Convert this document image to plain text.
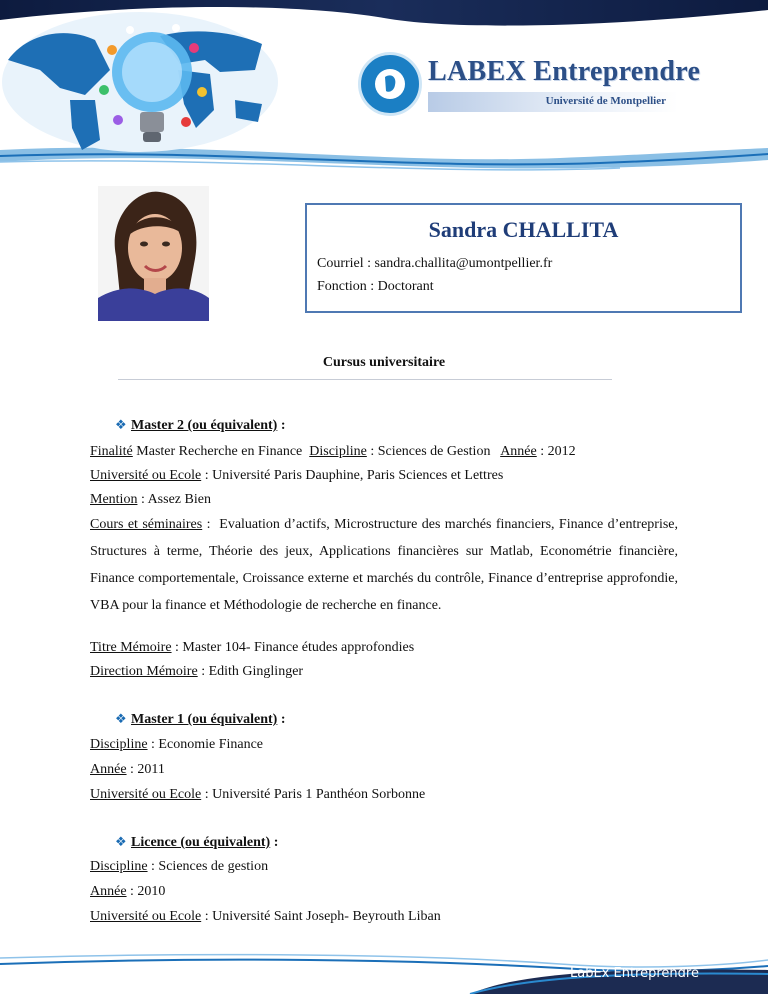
LABEX Entreprendre
Université de Montpellier
Sandra CHALLITA
Courriel : sandra.challita@umontpellier.fr
Fonction : Doctorant
Cursus universitaire
❖ Master 2 (ou équivalent) :
Finalité Master Recherche en Finance  Discipline : Sciences de Gestion   Année : 2012
Université ou Ecole : Université Paris Dauphine, Paris Sciences et Lettres
Mention : Assez Bien
Cours et séminaires :  Evaluation d’actifs, Microstructure des marchés financiers, Finance d’entreprise, Structures à terme, Théorie des jeux, Applications financières sur Matlab, Econométrie financière, Finance comportementale, Croissance externe et marchés du contrôle, Finance d’entreprise approfondie, VBA pour la finance et Méthodologie de recherche en finance.
Titre Mémoire : Master 104- Finance études approfondies
Direction Mémoire : Edith Ginglinger
❖ Master 1 (ou équivalent) :
Discipline : Economie Finance
Année : 2011
Université ou Ecole : Université Paris 1 Panthéon Sorbonne
❖ Licence (ou équivalent) :
Discipline : Sciences de gestion
Année : 2010
Université ou Ecole : Université Saint Joseph- Beyrouth Liban
LabEx Entreprendre
